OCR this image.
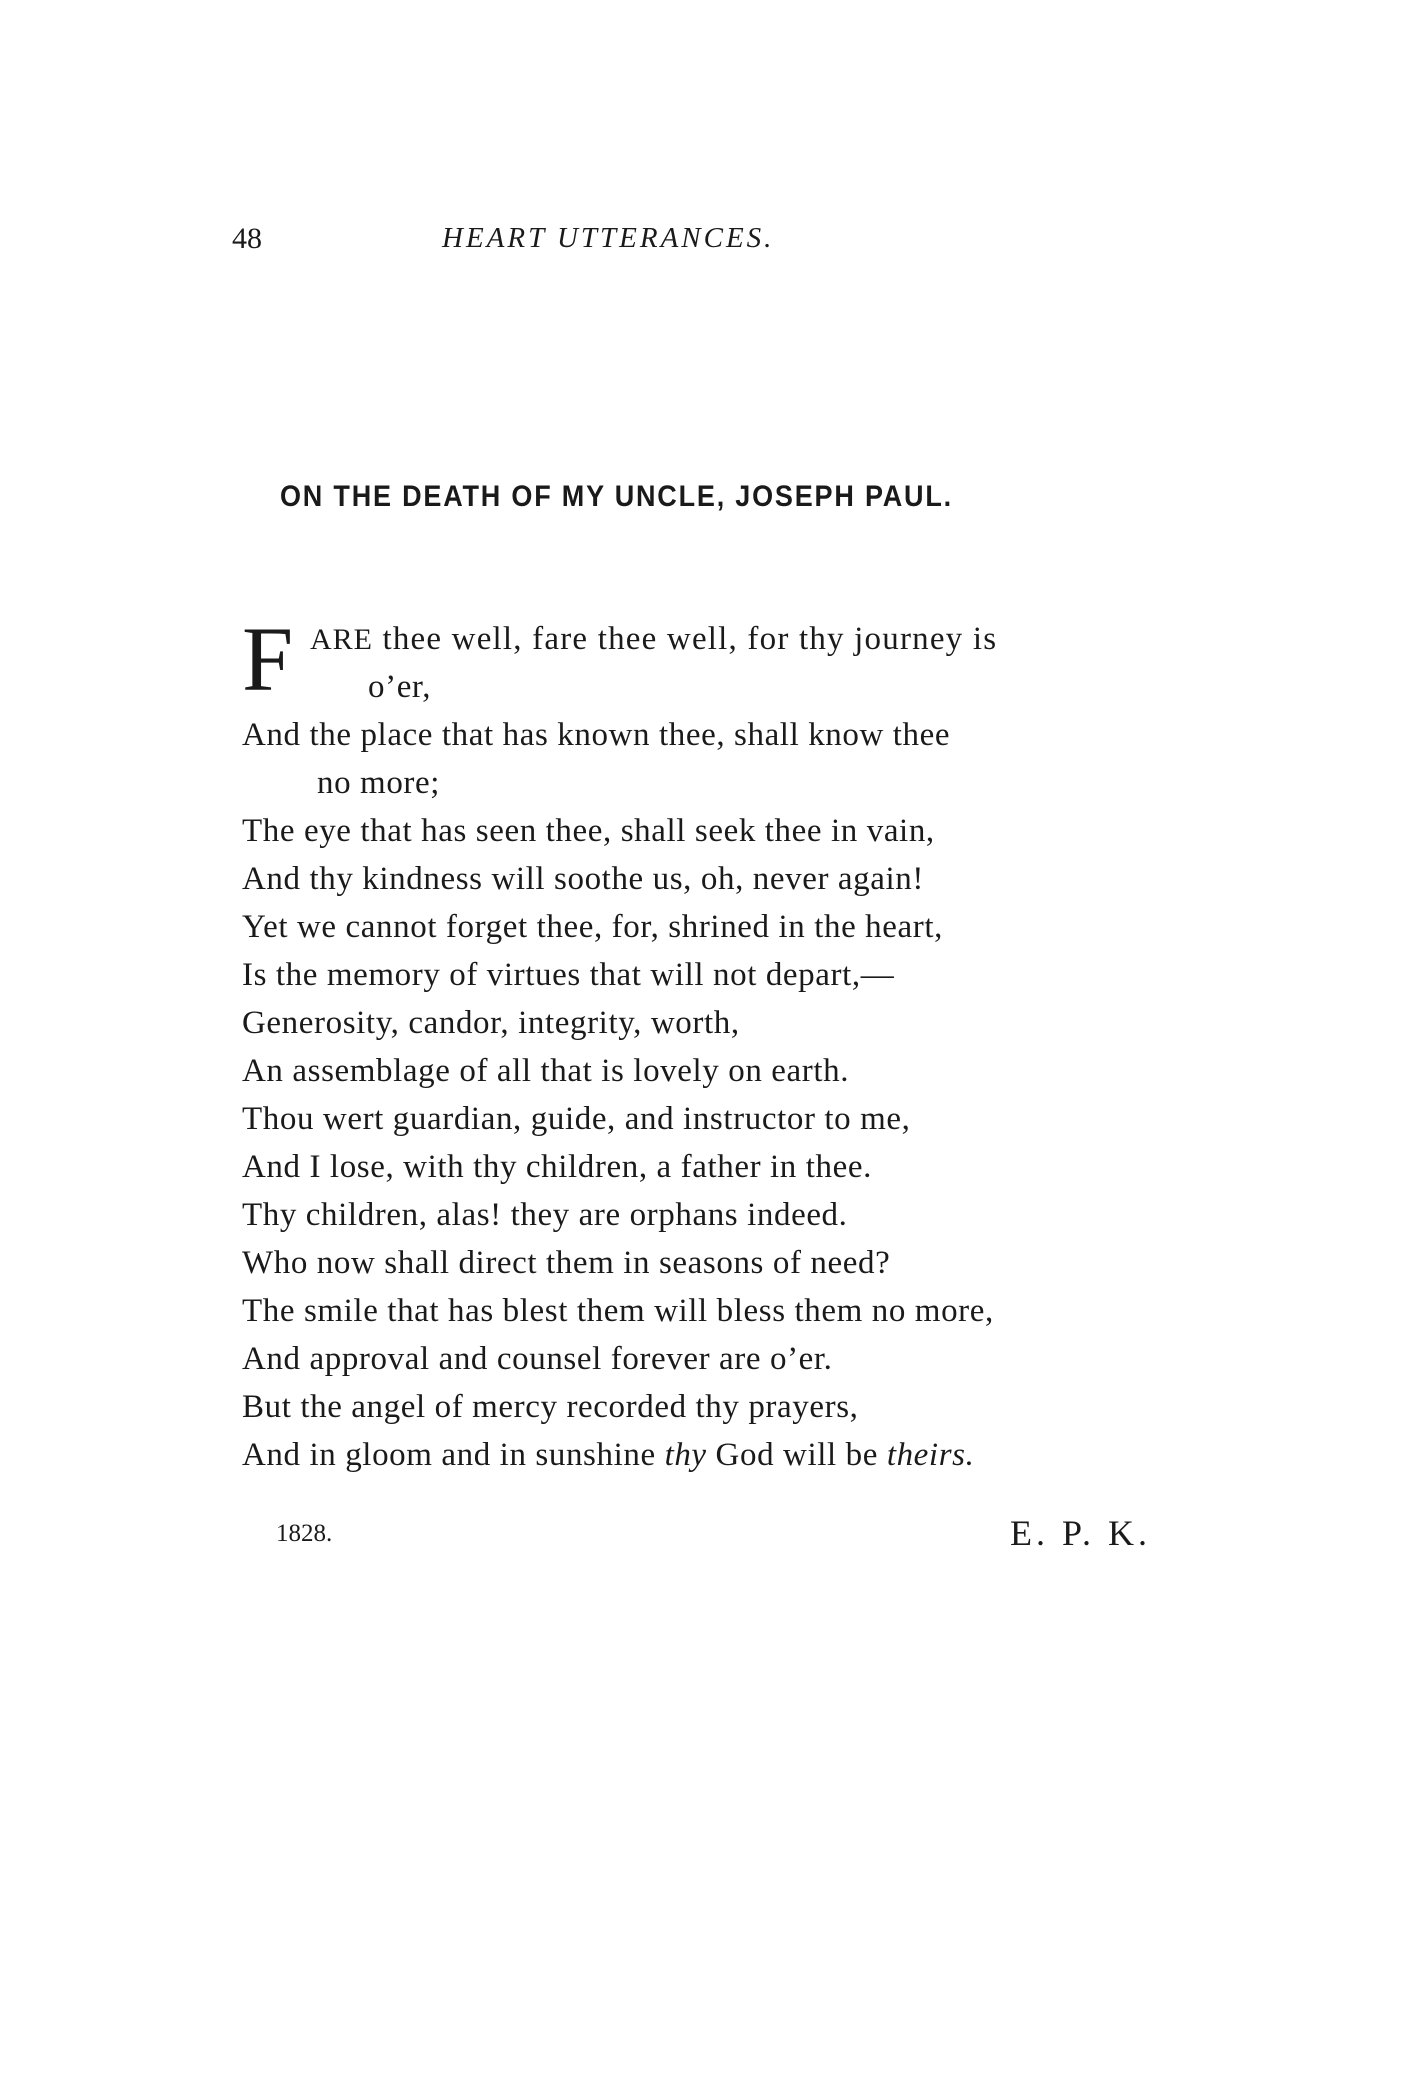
48	HEART UTTERANCES.
ON THE DEATH OF MY UNCLE, JOSEPH PAUL.
F ARE thee well, fare thee well, for thy journey is
o’er,
And the place that has known thee, shall know thee
no more;
The eye that has seen thee, shall seek thee in vain,
And thy kindness will soothe us, oh, never again!
Yet we cannot forget thee, for, shrined in the heart,
Is the memory of virtues that will not depart,—
Generosity, candor, integrity, worth,
An assemblage of all that is lovely on earth.
Thou wert guardian, guide, and instructor to me,
And I lose, with thy children, a father in thee.
Thy children, alas! they are orphans indeed.
Who now shall direct them in seasons of need?
The smile that has blest them will bless them no more,
And approval and counsel forever are o’er.
But the angel of mercy recorded thy prayers,
And in gloom and in sunshine thy God will be theirs.
1828.	E. P. K.
